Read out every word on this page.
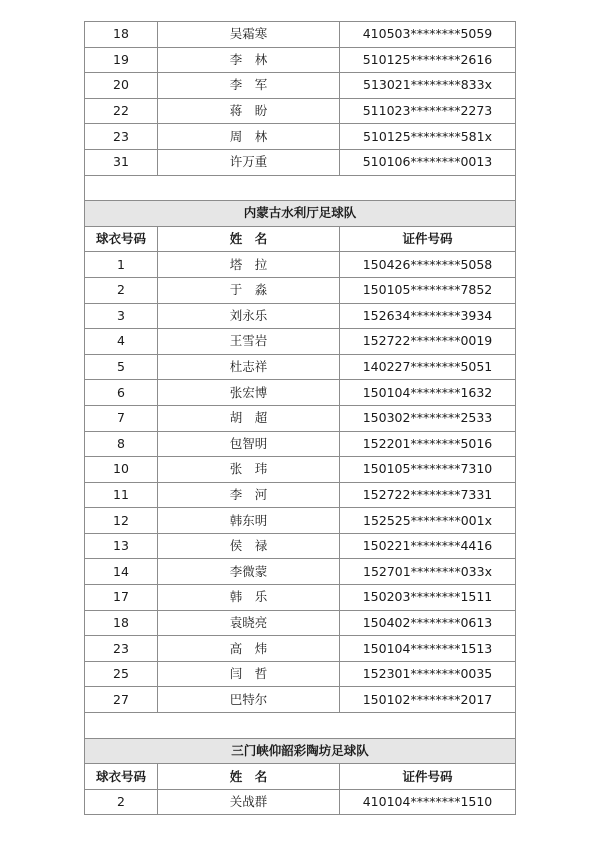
18	吴霜寒	410503********5059
19	李　林	510125********2616
20	李　军	513021********833x
22	蒋　盼	511023********2273
23	周　林	510125********581x
31	许万重	510106********0013

内蒙古水利厅足球队		
球衣号码	姓　名	证件号码
1	塔　拉	150426********5058
2	于　淼	150105********7852
3	刘永乐	152634********3934
4	王雪岩	152722********0019
5	杜志祥	140227********5051
6	张宏博	150104********1632
7	胡　超	150302********2533
8	包智明	152201********5016
10	张　玮	150105********7310
11	李　河	152722********7331
12	韩东明	152525********001x
13	侯　禄	150221********4416
14	李微蒙	152701********033x
17	韩　乐	150203********1511
18	袁晓亮	150402********0613
23	高　炜	150104********1513
25	闫　哲	152301********0035
27	巴特尔	150102********2017

三门峡仰韶彩陶坊足球队		
球衣号码	姓　名	证件号码
2	关战群	410104********1510
